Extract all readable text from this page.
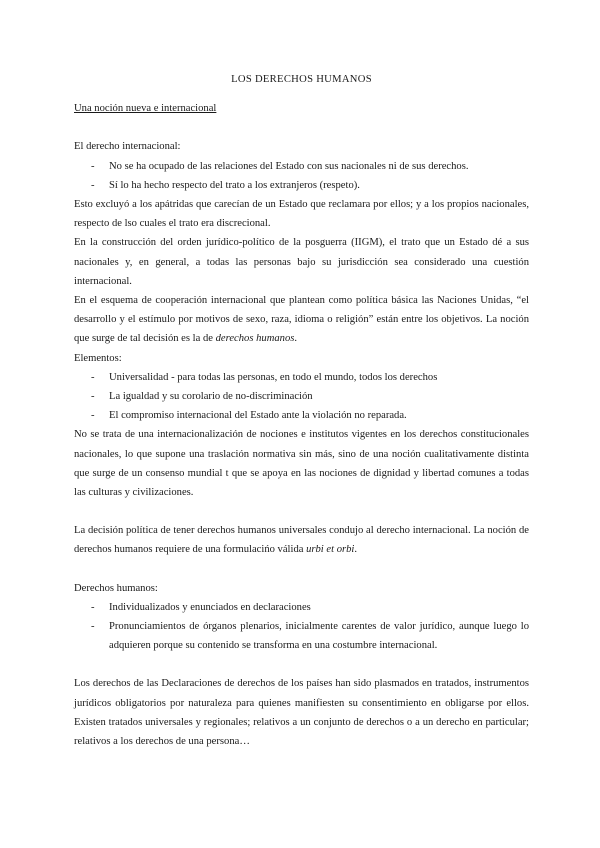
LOS DERECHOS HUMANOS

Una noción nueva e internacional

El derecho internacional:

- No se ha ocupado de las relaciones del Estado con sus nacionales ni de sus derechos.
- Sí lo ha hecho respecto del trato a los extranjeros (respeto).

Esto excluyó a los apátridas que carecían de un Estado que reclamara por ellos; y a los propios nacionales, respecto de lso cuales el trato era discrecional.

En la construcción del orden jurídico-político de la posguerra (IIGM), el trato que un Estado dé a sus nacionales y, en general, a todas las personas bajo su jurisdicción sea considerado una cuestión internacional.

En el esquema de cooperación internacional que plantean como política básica las Naciones Unidas, “el desarrollo y el estímulo por motivos de sexo, raza, idioma o religión” están entre los objetivos. La noción que surge de tal decisión es la de derechos humanos.

Elementos:

- Universalidad - para todas las personas, en todo el mundo, todos los derechos
- La igualdad y su corolario de no-discriminación
- El compromiso internacional del Estado ante la violación no reparada.

No se trata de una internacionalización de nociones e institutos vigentes en los derechos constitucionales nacionales, lo que supone una traslación normativa sin más, sino de una noción cualitativamente distinta que surge de un consenso mundial t que se apoya en las nociones de dignidad y libertad comunes a todas las culturas y civilizaciones.

La decisión política de tener derechos humanos universales condujo al derecho internacional. La noción de derechos humanos requiere de una formulacińo válida urbi et orbi.

Derechos humanos:

- Individualizados y enunciados en declaraciones
- Pronunciamientos de órganos plenarios, inicialmente carentes de valor jurídico, aunque luego lo adquieren porque su contenido se transforma en una costumbre internacional.

Los derechos de las Declaraciones de derechos de los países han sido plasmados en tratados, instrumentos jurídicos obligatorios por naturaleza para quienes manifiesten su consentimiento en obligarse por ellos. Existen tratados universales y regionales; relativos a un conjunto de derechos o a un derecho en particular; relativos a los derechos de una persona…
